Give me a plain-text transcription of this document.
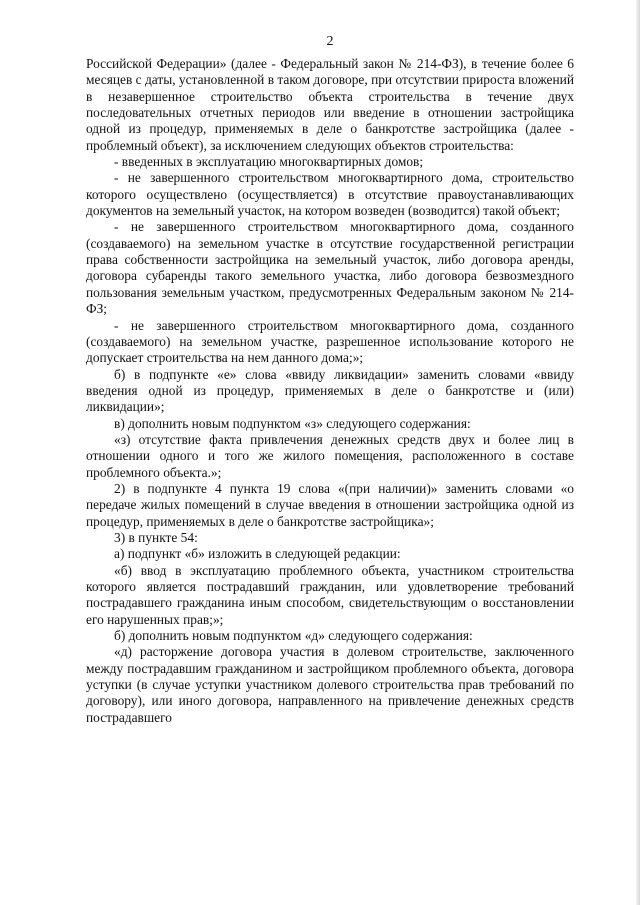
2

Российской Федерации» (далее - Федеральный закон № 214-ФЗ), в течение более 6 месяцев с даты, установленной в таком договоре, при отсутствии прироста вложений в незавершенное строительство объекта строительства в течение двух последовательных отчетных периодов или введение в отношении застройщика одной из процедур, применяемых в деле о банкротстве застройщика (далее - проблемный объект), за исключением следующих объектов строительства:

- введенных в эксплуатацию многоквартирных домов;

- не завершенного строительством многоквартирного дома, строительство которого осуществлено (осуществляется) в отсутствие правоустанавливающих документов на земельный участок, на котором возведен (возводится) такой объект;

- не завершенного строительством многоквартирного дома, созданного (создаваемого) на земельном участке в отсутствие государственной регистрации права собственности застройщика на земельный участок, либо договора аренды, договора субаренды такого земельного участка, либо договора безвозмездного пользования земельным участком, предусмотренных Федеральным законом № 214-ФЗ;

- не завершенного строительством многоквартирного дома, созданного (создаваемого) на земельном участке, разрешенное использование которого не допускает строительства на нем данного дома;»;

б) в подпункте «е» слова «ввиду ликвидации» заменить словами «ввиду введения одной из процедур, применяемых в деле о банкротстве и (или) ликвидации»;

в) дополнить новым подпунктом «з» следующего содержания:

«з) отсутствие факта привлечения денежных средств двух и более лиц в отношении одного и того же жилого помещения, расположенного в составе проблемного объекта.»;

2) в подпункте 4 пункта 19 слова «(при наличии)» заменить словами «о передаче жилых помещений в случае введения в отношении застройщика одной из процедур, применяемых в деле о банкротстве застройщика»;

3) в пункте 54:

а) подпункт «б» изложить в следующей редакции:

«б) ввод в эксплуатацию проблемного объекта, участником строительства которого является пострадавший гражданин, или удовлетворение требований пострадавшего гражданина иным способом, свидетельствующим о восстановлении его нарушенных прав;»;

б) дополнить новым подпунктом «д» следующего содержания:

«д) расторжение договора участия в долевом строительстве, заключенного между пострадавшим гражданином и застройщиком проблемного объекта, договора уступки (в случае уступки участником долевого строительства прав требований по договору), или иного договора, направленного на привлечение денежных средств пострадавшего
